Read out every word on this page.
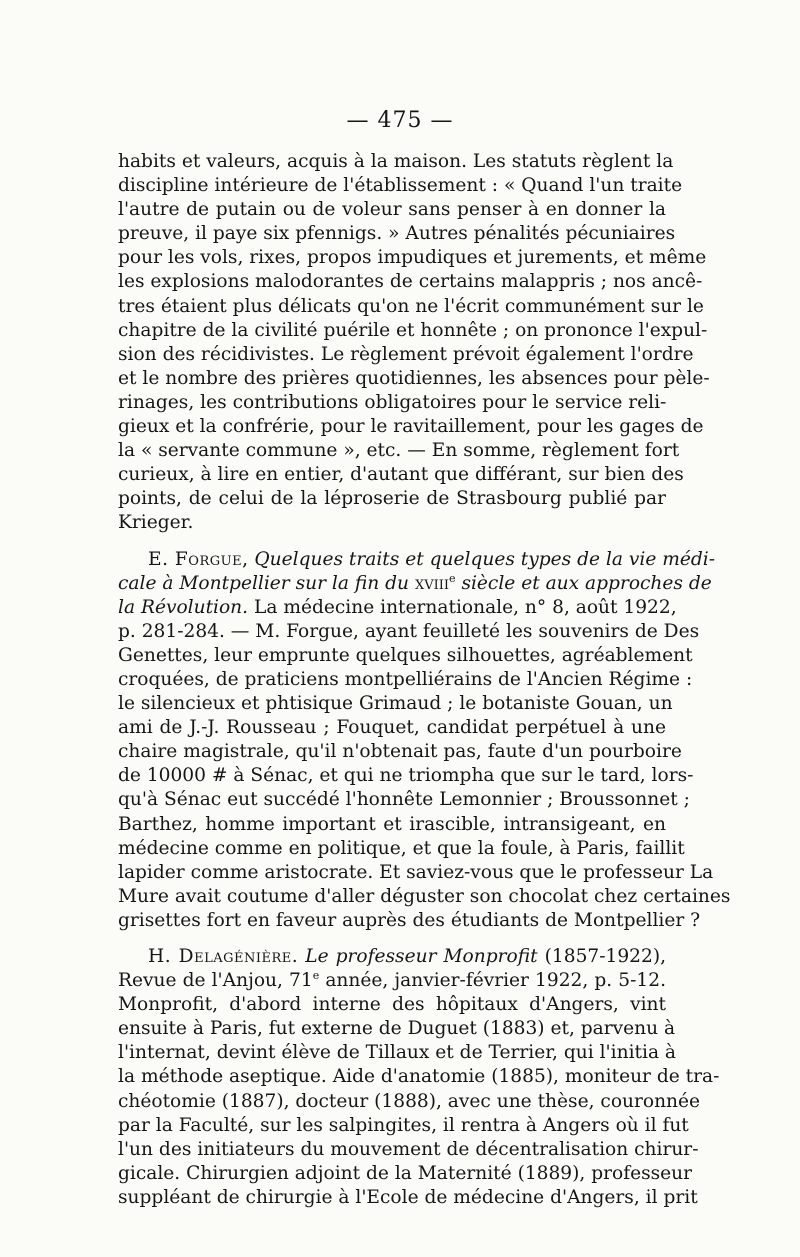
— 475 —
habits et valeurs, acquis à la maison. Les statuts règlent la
discipline intérieure de l'établissement : « Quand l'un traite
l'autre de putain ou de voleur sans penser à en donner la
preuve, il paye six pfennigs. » Autres pénalités pécuniaires
pour les vols, rixes, propos impudiques et jurements, et même
les explosions malodorantes de certains malappris ; nos ancê-
tres étaient plus délicats qu'on ne l'écrit communément sur le
chapitre de la civilité puérile et honnête ; on prononce l'expul-
sion des récidivistes. Le règlement prévoit également l'ordre
et le nombre des prières quotidiennes, les absences pour pèle-
rinages, les contributions obligatoires pour le service reli-
gieux et la confrérie, pour le ravitaillement, pour les gages de
la « servante commune », etc. — En somme, règlement fort
curieux, à lire en entier, d'autant que différant, sur bien des
points, de celui de la léproserie de Strasbourg publié par
Krieger.
E. Forgue, Quelques traits et quelques types de la vie médi-
cale à Montpellier sur la fin du xviii$^e$ siècle et aux approches de
la Révolution. La médecine internationale, n° 8, août 1922,
p. 281-284. — M. Forgue, ayant feuilleté les souvenirs de Des
Genettes, leur emprunte quelques silhouettes, agréablement
croquées, de praticiens montpelliérains de l'Ancien Régime :
le silencieux et phtisique Grimaud ; le botaniste Gouan, un
ami de J.-J. Rousseau ; Fouquet, candidat perpétuel à une
chaire magistrale, qu'il n'obtenait pas, faute d'un pourboire
de 10000 # à Sénac, et qui ne triompha que sur le tard, lors-
qu'à Sénac eut succédé l'honnête Lemonnier ; Broussonnet ;
Barthez, homme important et irascible, intransigeant, en
médecine comme en politique, et que la foule, à Paris, faillit
lapider comme aristocrate. Et saviez-vous que le professeur La
Mure avait coutume d'aller déguster son chocolat chez certaines
grisettes fort en faveur auprès des étudiants de Montpellier ?
H. Delagénière. Le professeur Monprofit (1857-1922),
Revue de l'Anjou, 71e année, janvier-février 1922, p. 5-12.
Monprofit, d'abord interne des hôpitaux d'Angers, vint
ensuite à Paris, fut externe de Duguet (1883) et, parvenu à
l'internat, devint élève de Tillaux et de Terrier, qui l'initia à
la méthode aseptique. Aide d'anatomie (1885), moniteur de tra-
chéotomie (1887), docteur (1888), avec une thèse, couronnée
par la Faculté, sur les salpingites, il rentra à Angers où il fut
l'un des initiateurs du mouvement de décentralisation chirur-
gicale. Chirurgien adjoint de la Maternité (1889), professeur
suppléant de chirurgie à l'Ecole de médecine d'Angers, il prit
